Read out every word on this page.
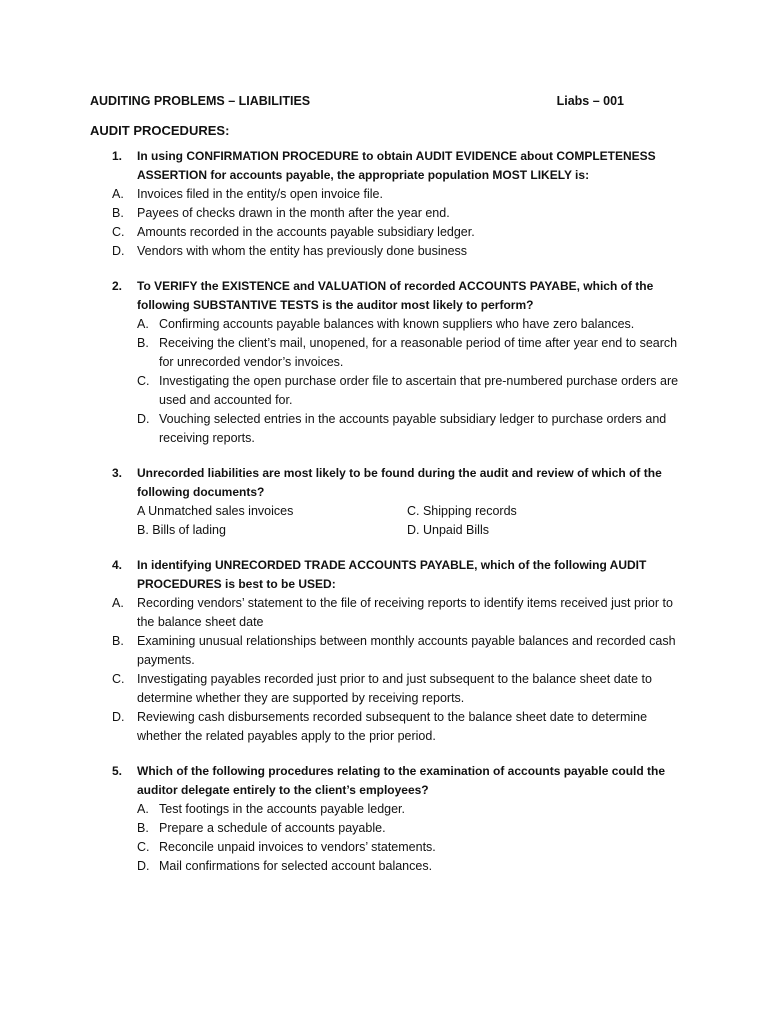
AUDITING PROBLEMS – LIABILITIES	Liabs – 001
AUDIT PROCEDURES:
1.	In using CONFIRMATION PROCEDURE to obtain AUDIT EVIDENCE about COMPLETENESS ASSERTION for accounts payable, the appropriate population MOST LIKELY is:
A.	Invoices filed in the entity/s open invoice file.
B.	Payees of checks drawn in the month after the year end.
C.	Amounts recorded in the accounts payable subsidiary ledger.
D.	Vendors with whom the entity has previously done business
2.	To VERIFY the EXISTENCE and VALUATION of recorded ACCOUNTS PAYABE, which of the following SUBSTANTIVE TESTS is the auditor most likely to perform?
A. Confirming accounts payable balances with known suppliers who have zero balances.
B. Receiving the client’s mail, unopened, for a reasonable period of time after year end to search for unrecorded vendor’s invoices.
C. Investigating the open purchase order file to ascertain that pre-numbered purchase orders are used and accounted for.
D. Vouching selected entries in the accounts payable subsidiary ledger to purchase orders and receiving reports.
3.	Unrecorded liabilities are most likely to be found during the audit and review of which of the following documents?
A Unmatched sales invoices	C. Shipping records
B. Bills of lading	D. Unpaid Bills
4.	In identifying UNRECORDED TRADE ACCOUNTS PAYABLE, which of the following AUDIT PROCEDURES is best to be USED:
A.	Recording vendors’ statement to the file of receiving reports to identify items received just prior to the balance sheet date
B.	Examining unusual relationships between monthly accounts payable balances and recorded cash payments.
C.	Investigating payables recorded just prior to and just subsequent to the balance sheet date to determine whether they are supported by receiving reports.
D.	Reviewing cash disbursements recorded subsequent to the balance sheet date to determine whether the related payables apply to the prior period.
5.	Which of the following procedures relating to the examination of accounts payable could the auditor delegate entirely to the client’s employees?
A. Test footings in the accounts payable ledger.
B. Prepare a schedule of accounts payable.
C. Reconcile unpaid invoices to vendors’ statements.
D. Mail confirmations for selected account balances.
